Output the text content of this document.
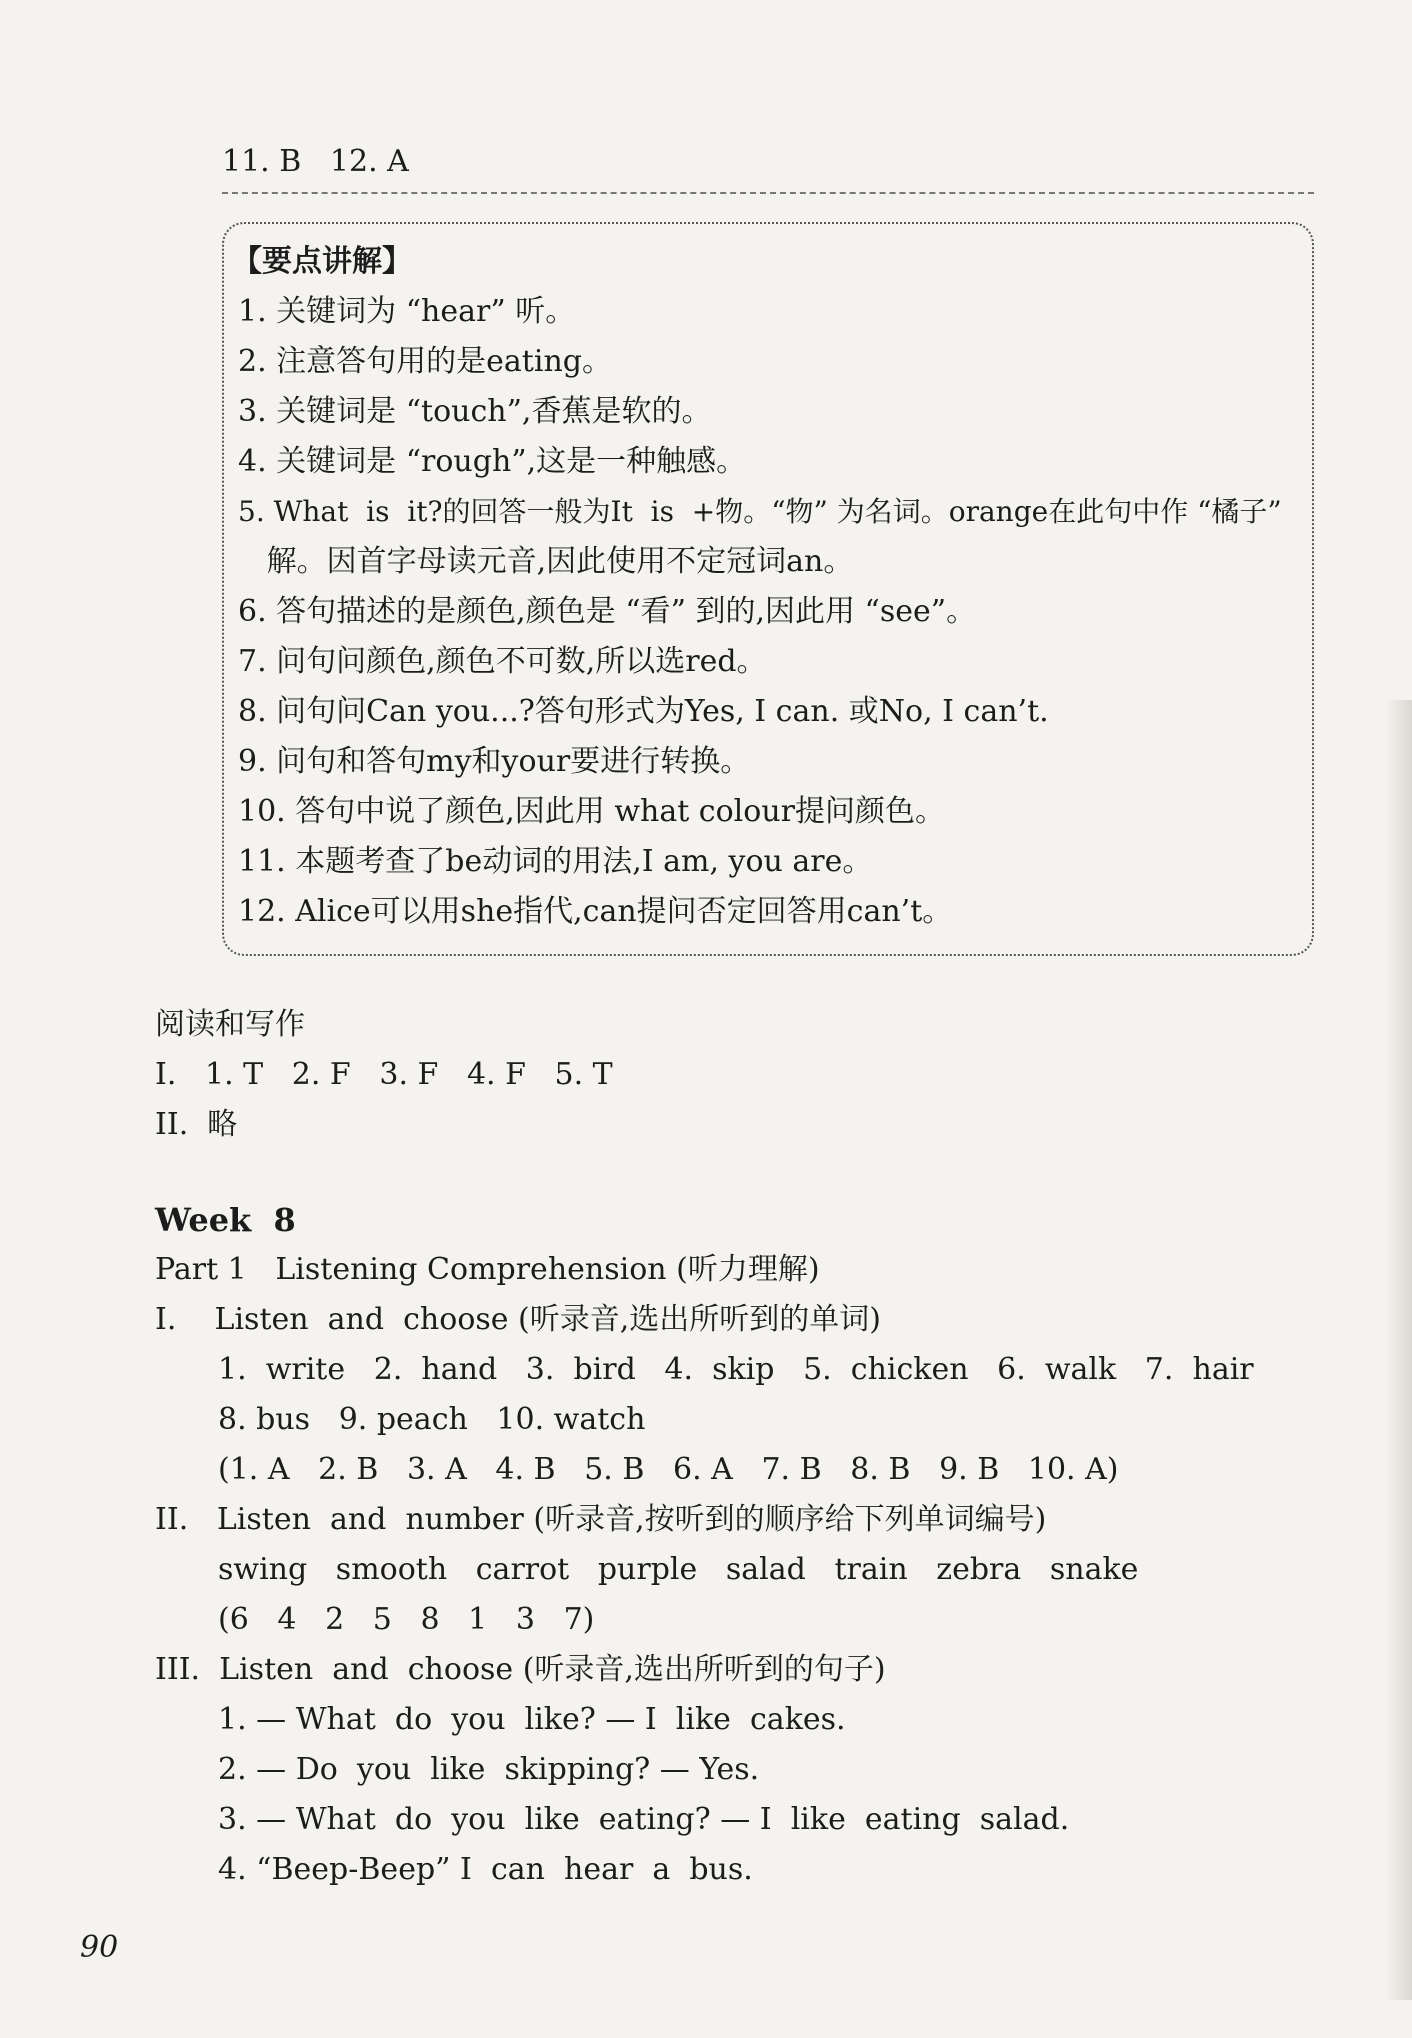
11. B   12. A
【要点讲解】
1. 关键词为 “hear” 听。
2. 注意答句用的是eating。
3. 关键词是 “touch”,香蕉是软的。
4. 关键词是 “rough”,这是一种触感。
5. What  is  it?的回答一般为It  is  +物。“物” 为名词。orange在此句中作 “橘子”
解。因首字母读元音,因此使用不定冠词an。
6. 答句描述的是颜色,颜色是 “看” 到的,因此用 “see”。
7. 问句问颜色,颜色不可数,所以选red。
8. 问句问Can you...?答句形式为Yes, I can. 或No, I can’t.
9. 问句和答句my和your要进行转换。
10. 答句中说了颜色,因此用 what colour提问颜色。
11. 本题考查了be动词的用法,I am, you are。
12. Alice可以用she指代,can提问否定回答用can’t。
阅读和写作
I.   1. T   2. F   3. F   4. F   5. T
II.  略
Week  8
Part 1   Listening Comprehension (听力理解)
I.    Listen  and  choose (听录音,选出所听到的单词)
1.  write   2.  hand   3.  bird   4.  skip   5.  chicken   6.  walk   7.  hair
8. bus   9. peach   10. watch
(1. A   2. B   3. A   4. B   5. B   6. A   7. B   8. B   9. B   10. A)
II.   Listen  and  number (听录音,按听到的顺序给下列单词编号)
swing   smooth   carrot   purple   salad   train   zebra   snake
(6   4   2   5   8   1   3   7)
III.  Listen  and  choose (听录音,选出所听到的句子)
1. — What  do  you  like? — I  like  cakes.
2. — Do  you  like  skipping? — Yes.
3. — What  do  you  like  eating? — I  like  eating  salad.
4. “Beep-Beep” I  can  hear  a  bus.
90
